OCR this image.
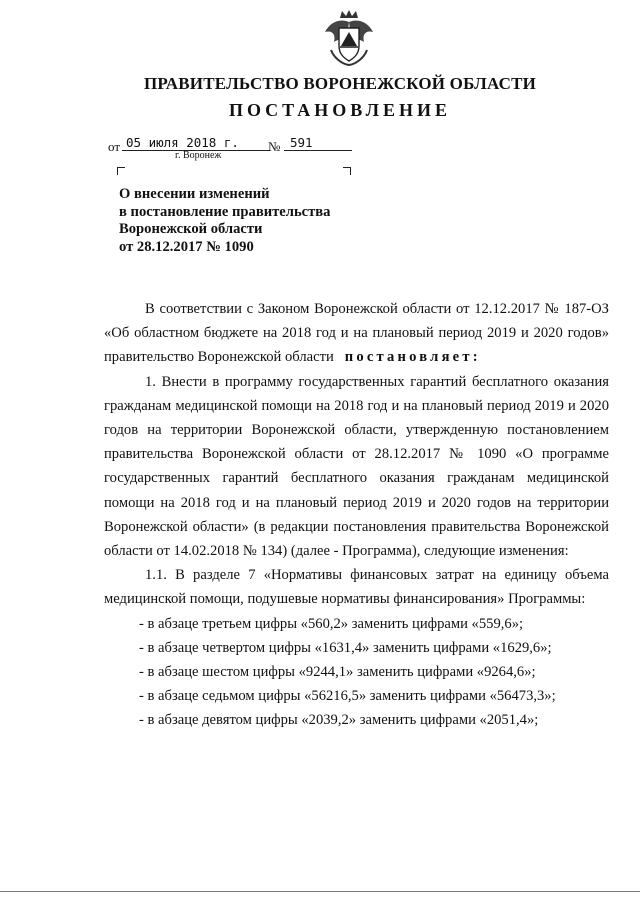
ПРАВИТЕЛЬСТВО ВОРОНЕЖСКОЙ ОБЛАСТИ
ПОСТАНОВЛЕНИЕ
от 05 июля 2018 г.	№ 591
г. Воронеж
О внесении изменений
в постановление правительства
Воронежской области
от 28.12.2017 № 1090

В соответствии с Законом Воронежской области от 12.12.2017 № 187-ОЗ «Об областном бюджете на 2018 год и на плановый период 2019 и 2020 годов» правительство Воронежской области постановляет:

1. Внести в программу государственных гарантий бесплатного оказания гражданам медицинской помощи на 2018 год и на плановый период 2019 и 2020 годов на территории Воронежской области, утвержденную постановлением правительства Воронежской области от 28.12.2017 № 1090 «О программе государственных гарантий бесплатного оказания гражданам медицинской помощи на 2018 год и на плановый период 2019 и 2020 годов на территории Воронежской области» (в редакции постановления правительства Воронежской области от 14.02.2018 № 134) (далее - Программа), следующие изменения:

1.1. В разделе 7 «Нормативы финансовых затрат на единицу объема медицинской помощи, подушевые нормативы финансирования» Программы:

- в абзаце третьем цифры «560,2» заменить цифрами «559,6»;

- в абзаце четвертом цифры «1631,4» заменить цифрами «1629,6»;

- в абзаце шестом цифры «9244,1» заменить цифрами «9264,6»;

- в абзаце седьмом цифры «56216,5» заменить цифрами «56473,3»;

- в абзаце девятом цифры «2039,2» заменить цифрами «2051,4»;
